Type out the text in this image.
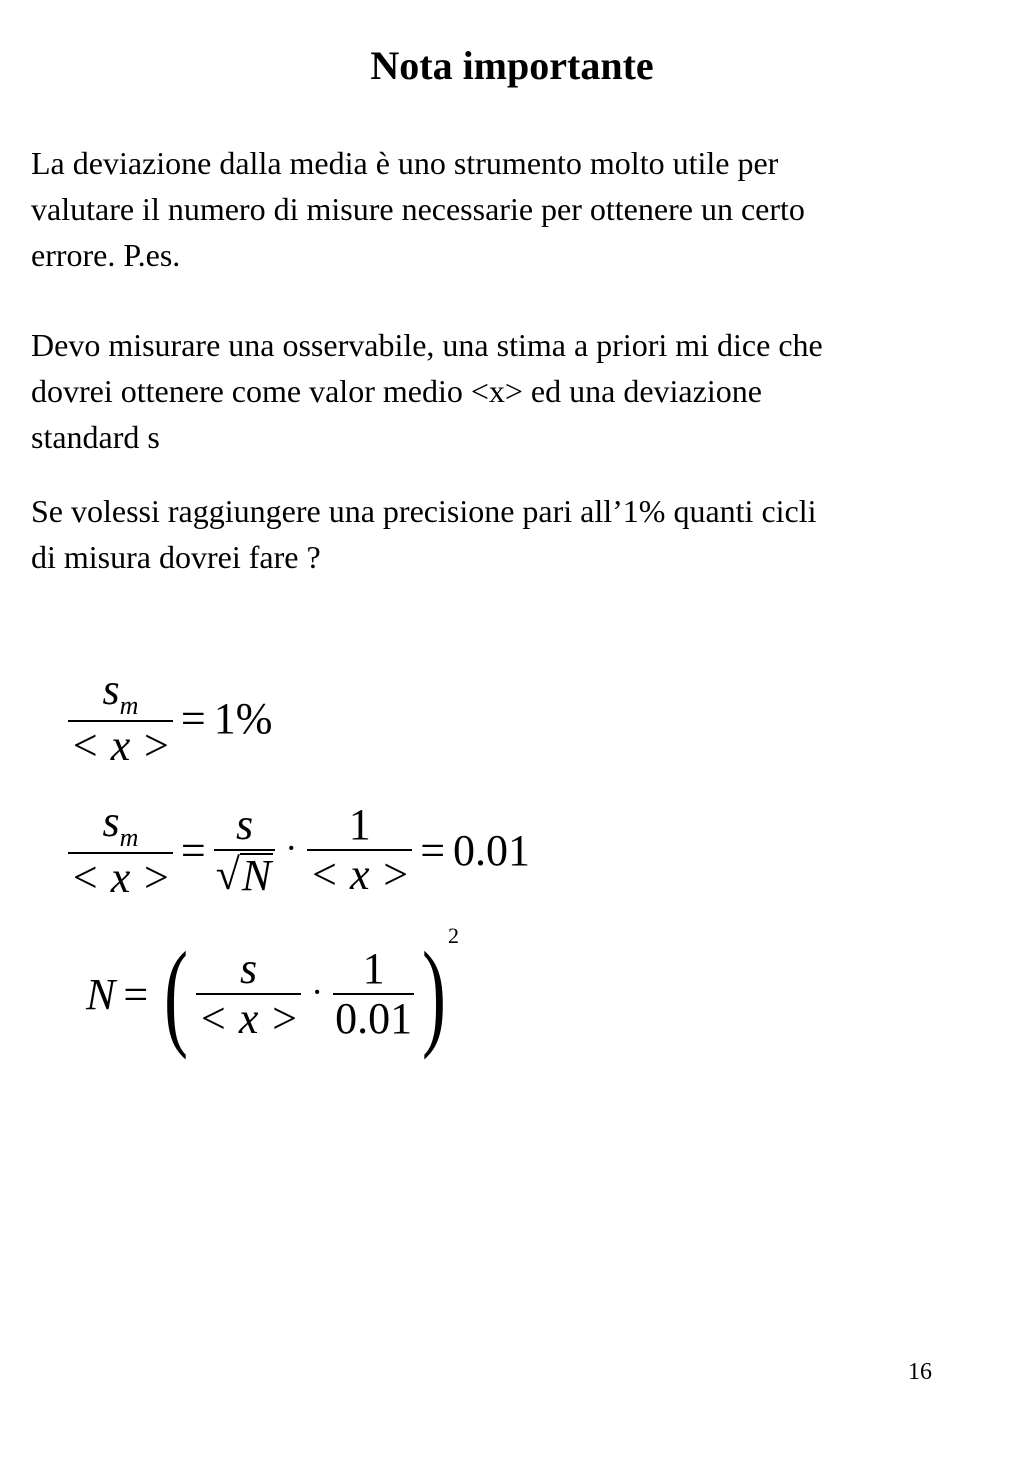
Nota importante
La deviazione dalla media è uno strumento molto utile per
valutare il numero di misure necessarie per ottenere un certo
errore. P.es.
Devo misurare una osservabile, una stima a priori mi dice che
dovrei ottenere come valor medio <x> ed una deviazione
standard s
Se volessi raggiungere una precisione pari all’1% quanti cicli
di misura dovrei fare ?
$\frac{s_m}{< x >} = 1\%$
$\frac{s_m}{< x >} = \frac{s}{√ N} \cdot \frac{1}{< x >} = 0.01$
N = ( $\frac{s}{< x >} \cdot \frac{1}{0.01}$ ) 2
16
